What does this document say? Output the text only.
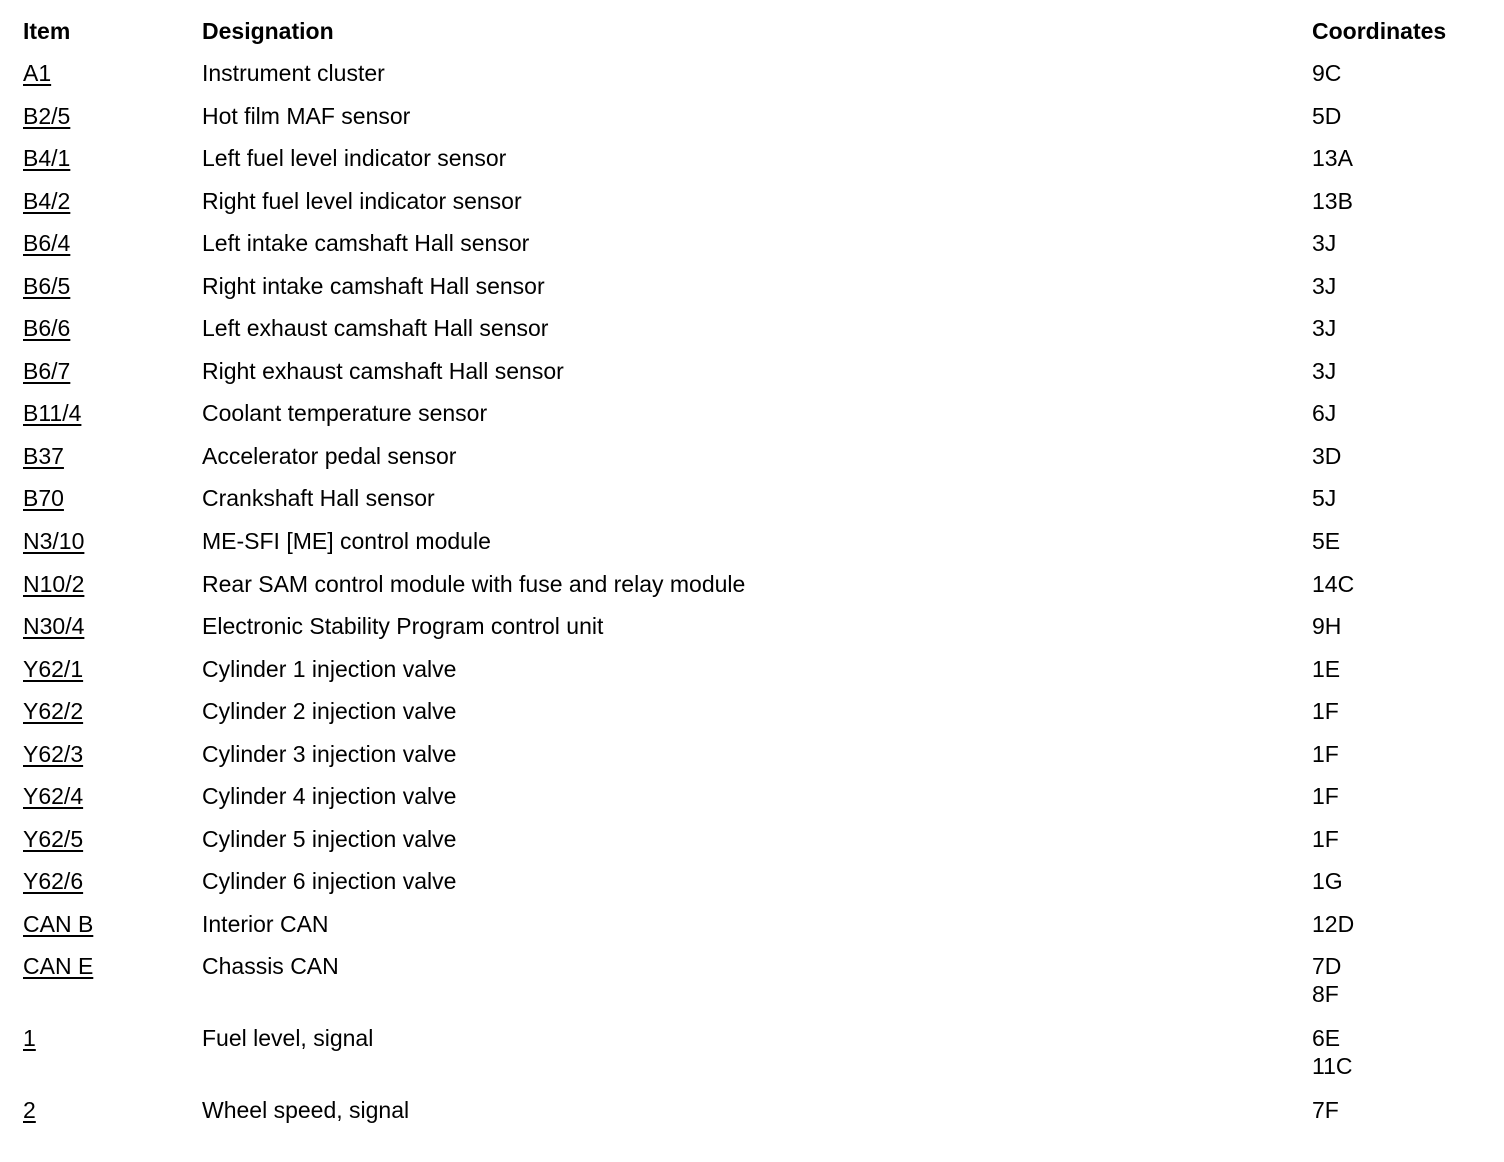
Item	Designation	Coordinates
A1	Instrument cluster	9C
B2/5	Hot film MAF sensor	5D
B4/1	Left fuel level indicator sensor	13A
B4/2	Right fuel level indicator sensor	13B
B6/4	Left intake camshaft Hall sensor	3J
B6/5	Right intake camshaft Hall sensor	3J
B6/6	Left exhaust camshaft Hall sensor	3J
B6/7	Right exhaust camshaft Hall sensor	3J
B11/4	Coolant temperature sensor	6J
B37	Accelerator pedal sensor	3D
B70	Crankshaft Hall sensor	5J
N3/10	ME-SFI [ME] control module	5E
N10/2	Rear SAM control module with fuse and relay module	14C
N30/4	Electronic Stability Program control unit	9H
Y62/1	Cylinder 1 injection valve	1E
Y62/2	Cylinder 2 injection valve	1F
Y62/3	Cylinder 3 injection valve	1F
Y62/4	Cylinder 4 injection valve	1F
Y62/5	Cylinder 5 injection valve	1F
Y62/6	Cylinder 6 injection valve	1G
CAN B	Interior CAN	12D
CAN E	Chassis CAN	7D
8F
1	Fuel level, signal	6E
11C
2	Wheel speed, signal	7F
